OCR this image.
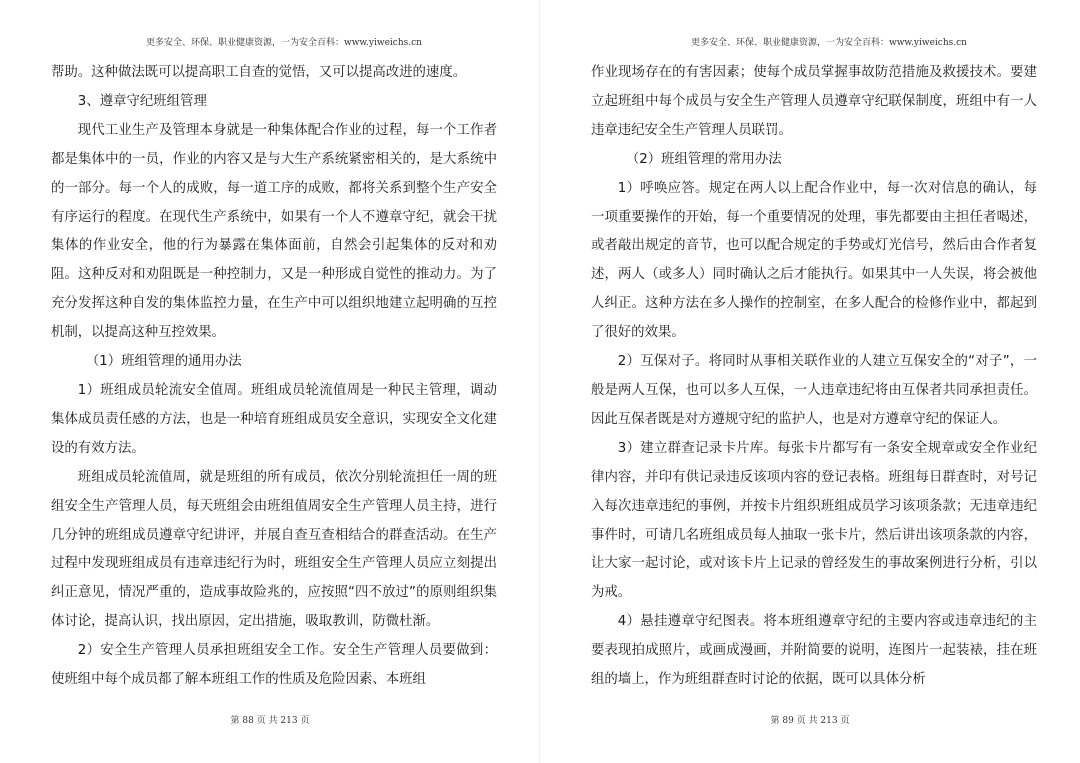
更多安全、环保、职业健康资源，一为安全百科：www.yiweichs.cn

帮助。这种做法既可以提高职工自查的觉悟，又可以提高改进的速度。

3、遵章守纪班组管理

现代工业生产及管理本身就是一种集体配合作业的过程，每一个工作者都是集体中的一员，作业的内容又是与大生产系统紧密相关的，是大系统中的一部分。每一个人的成败，每一道工序的成败，都将关系到整个生产安全有序运行的程度。在现代生产系统中，如果有一个人不遵章守纪，就会干扰集体的作业安全，他的行为暴露在集体面前，自然会引起集体的反对和劝阻。这种反对和劝阻既是一种控制力，又是一种形成自觉性的推动力。为了充分发挥这种自发的集体监控力量，在生产中可以组织地建立起明确的互控机制，以提高这种互控效果。

（1）班组管理的通用办法

1）班组成员轮流安全值周。班组成员轮流值周是一种民主管理，调动集体成员责任感的方法，也是一种培育班组成员安全意识，实现安全文化建设的有效方法。

班组成员轮流值周，就是班组的所有成员，依次分别轮流担任一周的班组安全生产管理人员，每天班组会由班组值周安全生产管理人员主持，进行几分钟的班组成员遵章守纪讲评，并展自查互查相结合的群查活动。在生产过程中发现班组成员有违章违纪行为时，班组安全生产管理人员应立刻提出纠正意见，情况严重的，造成事故险兆的，应按照“四不放过”的原则组织集体讨论，提高认识，找出原因，定出措施，吸取教训，防微杜渐。

2）安全生产管理人员承担班组安全工作。安全生产管理人员要做到：使班组中每个成员都了解本班组工作的性质及危险因素、本班组

第 88 页 共 213 页
更多安全、环保、职业健康资源，一为安全百科：www.yiweichs.cn

作业现场存在的有害因素；使每个成员掌握事故防范措施及救援技术。要建立起班组中每个成员与安全生产管理人员遵章守纪联保制度，班组中有一人违章违纪安全生产管理人员联罚。

（2）班组管理的常用办法

1）呼唤应答。规定在两人以上配合作业中，每一次对信息的确认，每一项重要操作的开始，每一个重要情况的处理，事先都要由主担任者喝述，或者敲出规定的音节，也可以配合规定的手势或灯光信号，然后由合作者复述，两人（或多人）同时确认之后才能执行。如果其中一人失误，将会被他人纠正。这种方法在多人操作的控制室，在多人配合的检修作业中，都起到了很好的效果。

2）互保对子。将同时从事相关联作业的人建立互保安全的“对子”，一般是两人互保，也可以多人互保，一人违章违纪将由互保者共同承担责任。因此互保者既是对方遵规守纪的监护人，也是对方遵章守纪的保证人。

3）建立群查记录卡片库。每张卡片都写有一条安全规章或安全作业纪律内容，并印有供记录违反该项内容的登记表格。班组每日群查时，对号记入每次违章违纪的事例，并按卡片组织班组成员学习该项条款；无违章违纪事件时，可请几名班组成员每人抽取一张卡片，然后讲出该项条款的内容，让大家一起讨论，或对该卡片上记录的曾经发生的事故案例进行分析，引以为戒。

4）悬挂遵章守纪图表。将本班组遵章守纪的主要内容或违章违纪的主要表现拍成照片，或画成漫画，并附简要的说明，连图片一起装裱，挂在班组的墙上，作为班组群查时讨论的依据，既可以具体分析

第 89 页 共 213 页
